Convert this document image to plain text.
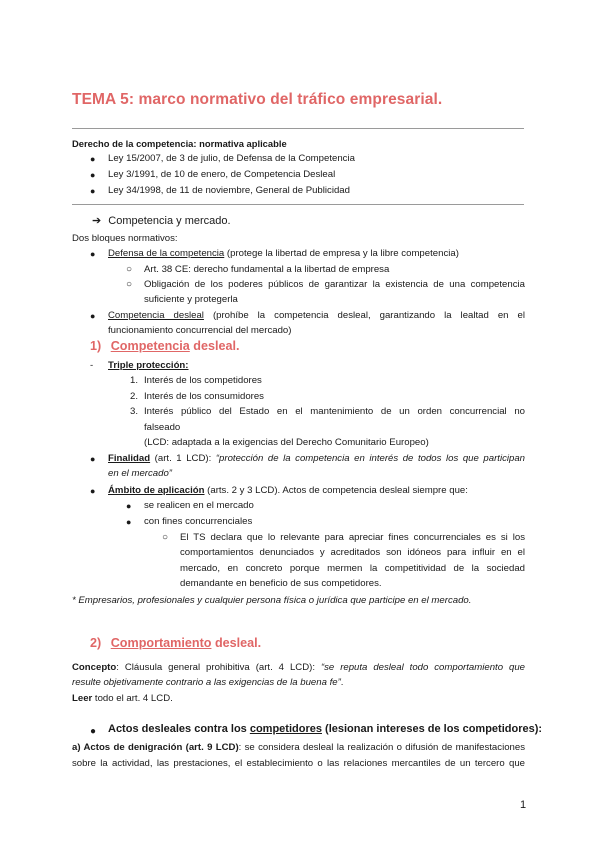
TEMA 5: marco normativo del tráfico empresarial.
Derecho de la competencia: normativa aplicable
● Ley 15/2007, de 3 de julio, de Defensa de la Competencia
● Ley 3/1991, de 10 de enero, de Competencia Desleal
● Ley 34/1998, de 11 de noviembre, General de Publicidad
➔ Competencia y mercado.
Dos bloques normativos:
● Defensa de la competencia (protege la libertad de empresa y la libre competencia)
○ Art. 38 CE: derecho fundamental a la libertad de empresa
○ Obligación de los poderes públicos de garantizar la existencia de una competencia
suficiente y protegerla
● Competencia desleal (prohíbe la competencia desleal, garantizando la lealtad en el
funcionamiento concurrencial del mercado)
1) Competencia desleal.
- Triple protección:
1. Interés de los competidores
2. Interés de los consumidores
3. Interés público del Estado en el mantenimiento de un orden concurrencial no
falseado
(LCD: adaptada a la exigencias del Derecho Comunitario Europeo)
● Finalidad (art. 1 LCD): “protección de la competencia en interés de todos los que participan
en el mercado”
● Ámbito de aplicación (arts. 2 y 3 LCD). Actos de competencia desleal siempre que:
● se realicen en el mercado
● con fines concurrenciales
○ El TS declara que lo relevante para apreciar fines concurrenciales es si los
comportamientos denunciados y acreditados son idóneos para influir en el
mercado, en concreto porque mermen la competitividad de la sociedad
demandante en beneficio de sus competidores.
* Empresarios, profesionales y cualquier persona física o jurídica que participe en el mercado.
2) Comportamiento desleal.
Concepto: Cláusula general prohibitiva (art. 4 LCD): “se reputa desleal todo comportamiento que
resulte objetivamente contrario a las exigencias de la buena fe”.
Leer todo el art. 4 LCD.
● Actos desleales contra los competidores (lesionan intereses de los competidores):
a) Actos de denigración (art. 9 LCD): se considera desleal la realización o difusión de manifestaciones
sobre la actividad, las prestaciones, el establecimiento o las relaciones mercantiles de un tercero que
1
